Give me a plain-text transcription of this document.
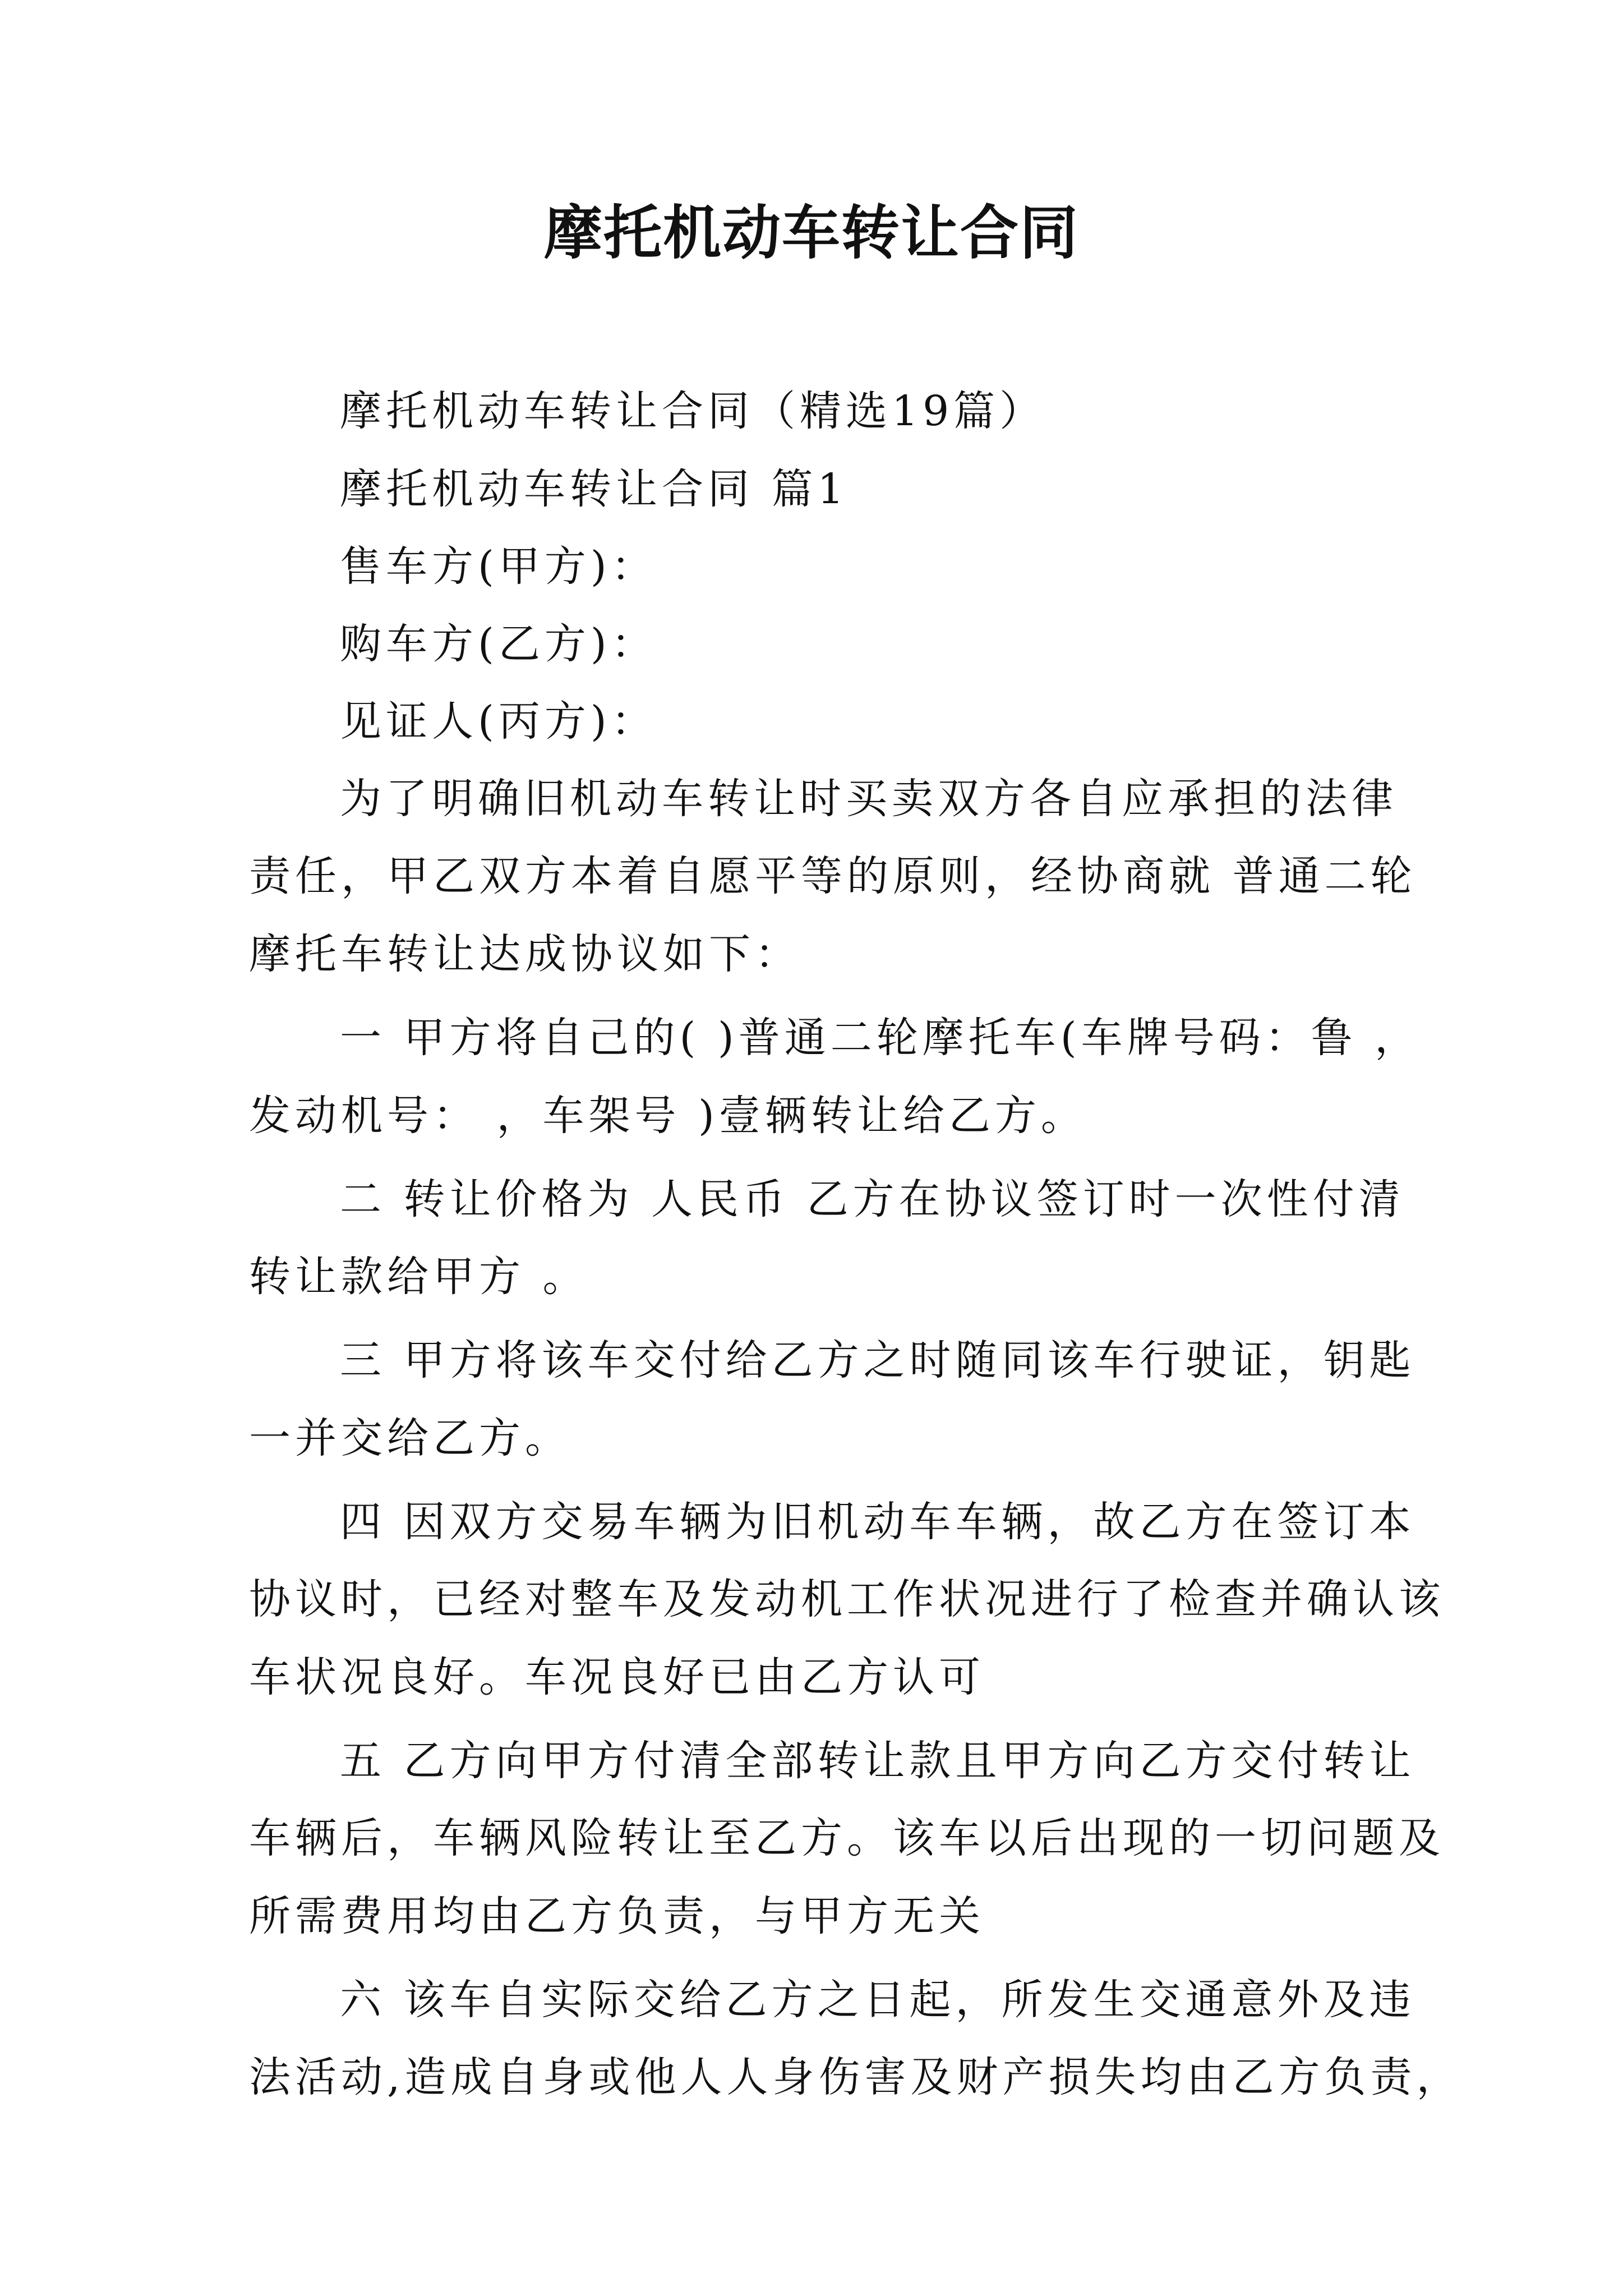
摩托机动车转让合同
摩托机动车转让合同（精选19篇）
摩托机动车转让合同 篇1
售车方(甲方)：
购车方(乙方)：
见证人(丙方)：
为了明确旧机动车转让时买卖双方各自应承担的法律
责任，甲乙双方本着自愿平等的原则，经协商就 普通二轮
摩托车转让达成协议如下：
一 甲方将自己的( )普通二轮摩托车(车牌号码：鲁 ，
发动机号： ，车架号 )壹辆转让给乙方。
二 转让价格为 人民币 乙方在协议签订时一次性付清
转让款给甲方 。
三 甲方将该车交付给乙方之时随同该车行驶证，钥匙
一并交给乙方。
四 因双方交易车辆为旧机动车车辆，故乙方在签订本
协议时，已经对整车及发动机工作状况进行了检查并确认该
车状况良好。车况良好已由乙方认可
五 乙方向甲方付清全部转让款且甲方向乙方交付转让
车辆后，车辆风险转让至乙方。该车以后出现的一切问题及
所需费用均由乙方负责，与甲方无关
六 该车自实际交给乙方之日起，所发生交通意外及违
法活动,造成自身或他人人身伤害及财产损失均由乙方负责，
